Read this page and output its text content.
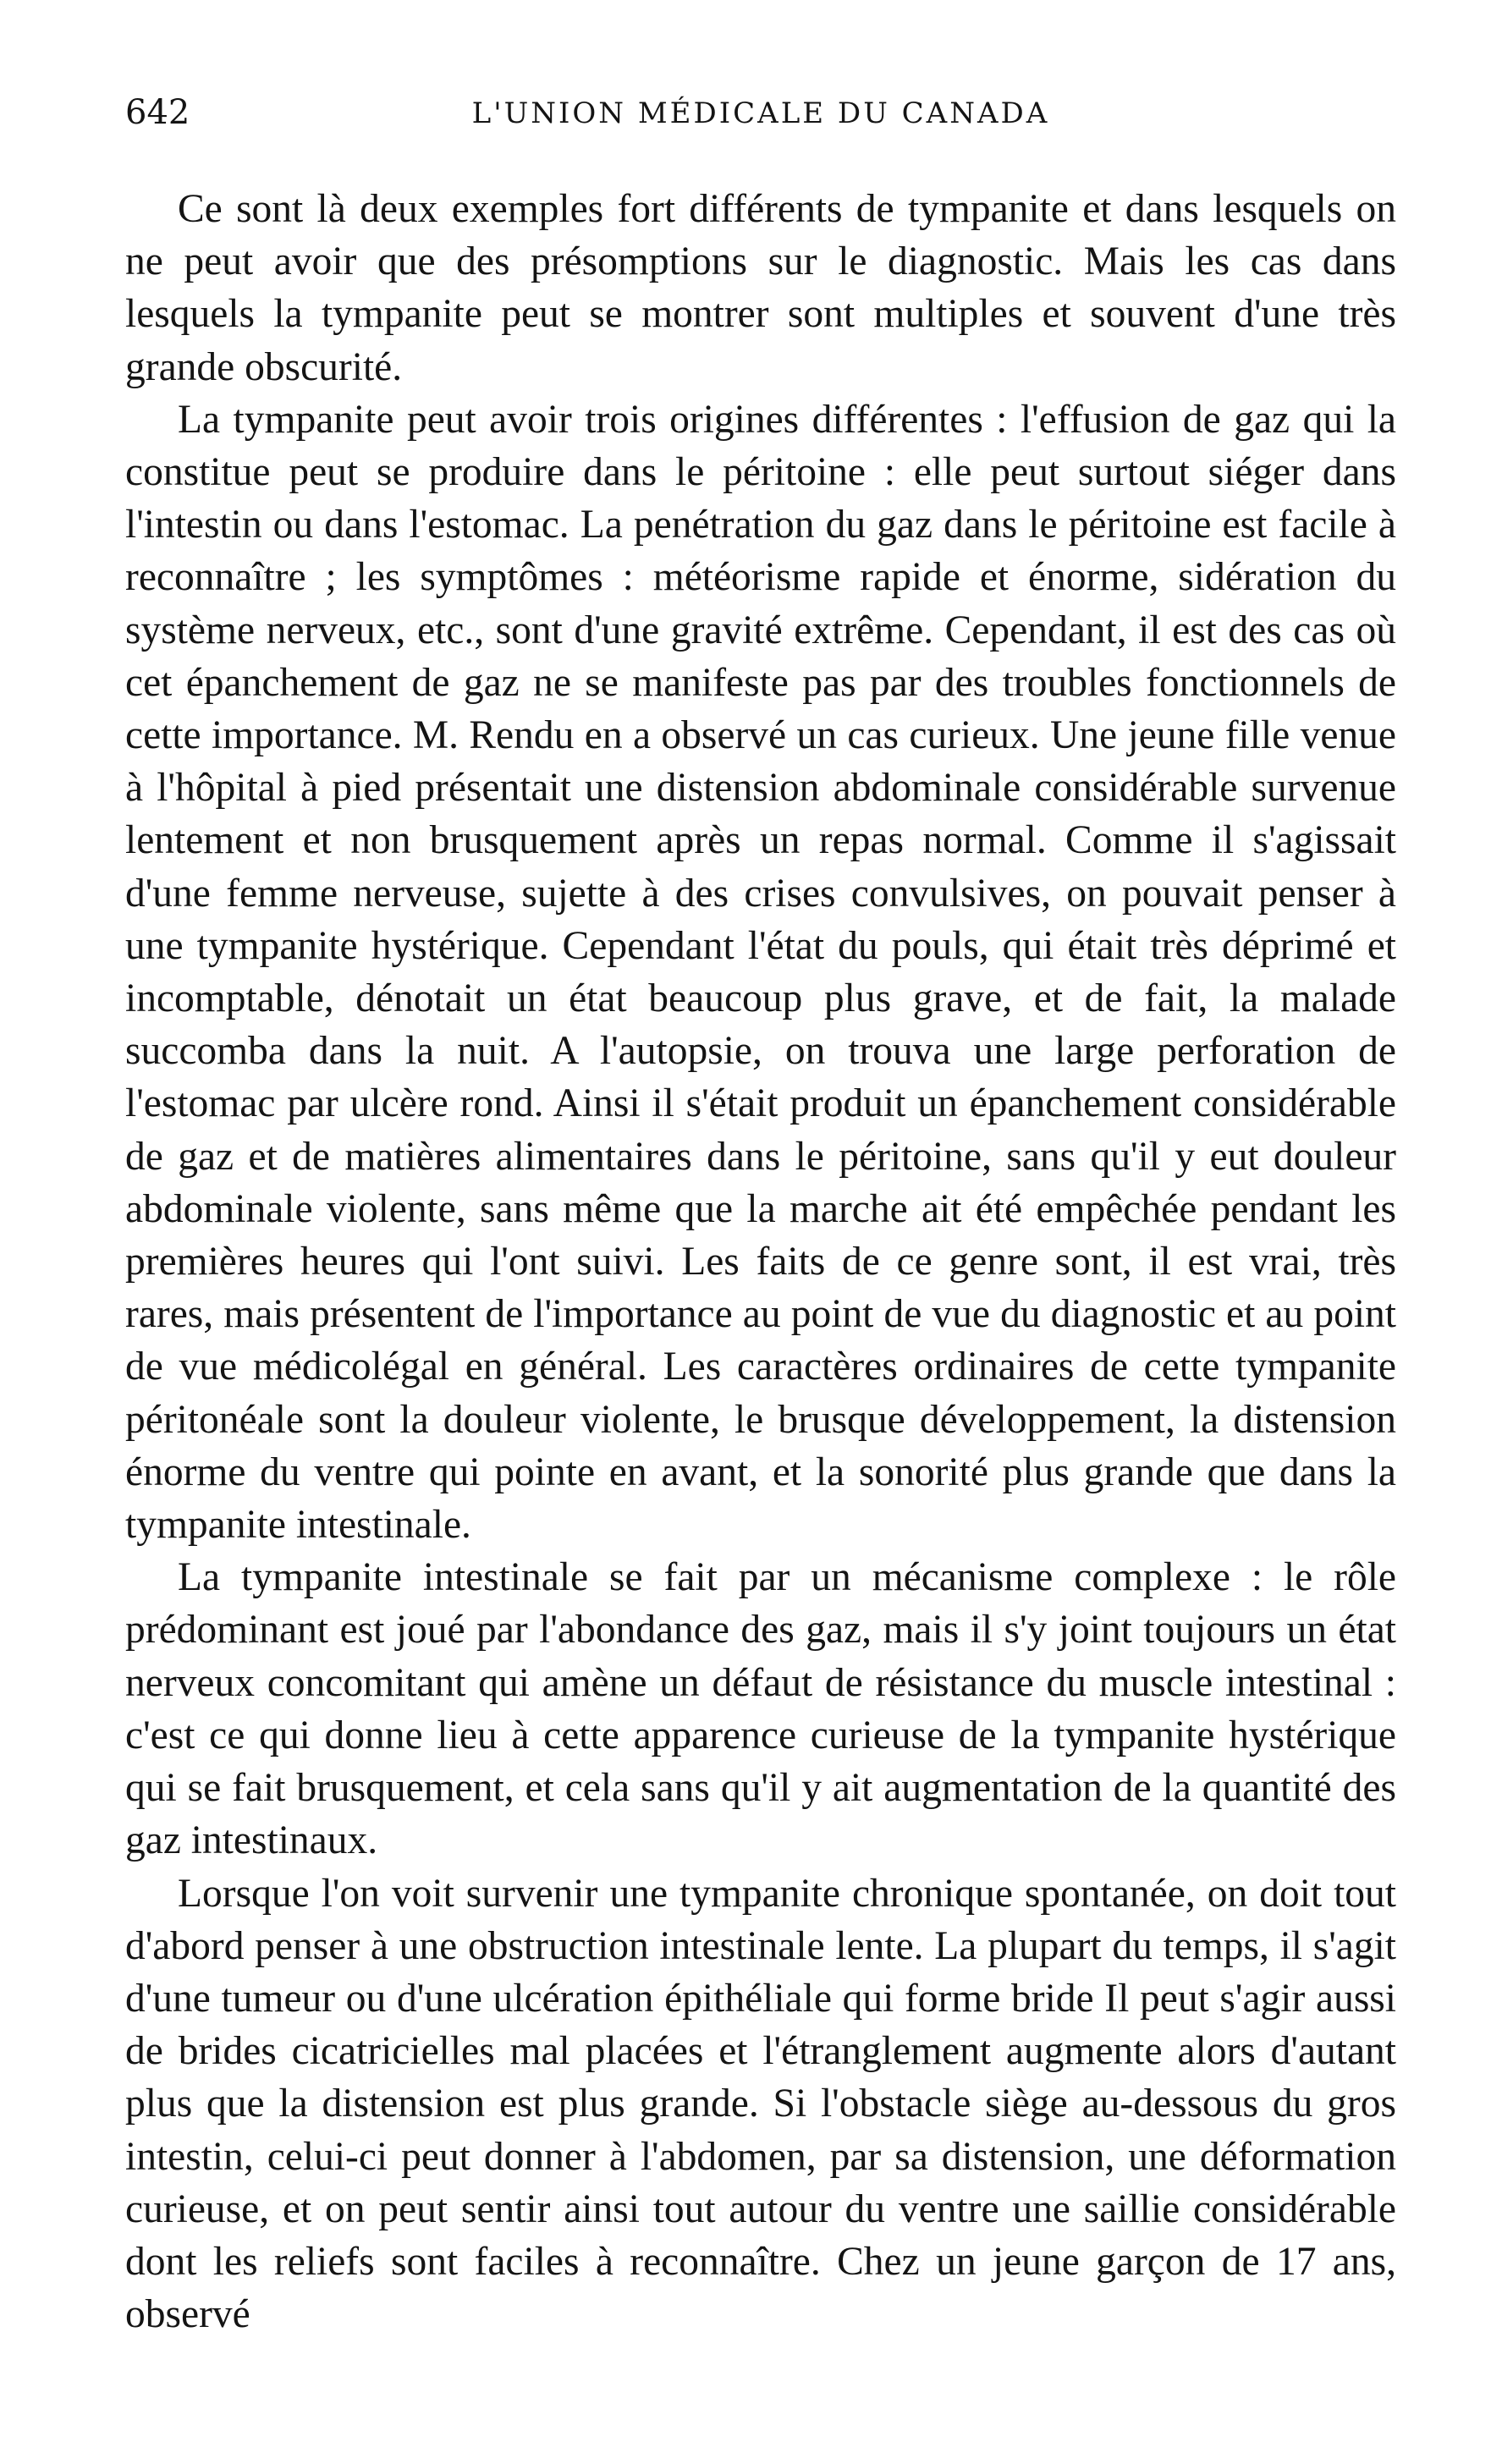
642	L'UNION MÉDICALE DU CANADA

Ce sont là deux exemples fort différents de tympanite et dans lesquels on ne peut avoir que des présomptions sur le diagnostic. Mais les cas dans lesquels la tympanite peut se montrer sont multiples et souvent d'une très grande obscurité.

La tympanite peut avoir trois origines différentes : l'effusion de gaz qui la constitue peut se produire dans le péritoine : elle peut surtout siéger dans l'intestin ou dans l'estomac. La penétration du gaz dans le péritoine est facile à reconnaître ; les symptômes : météorisme rapide et énorme, sidération du système nerveux, etc., sont d'une gravité extrême. Cependant, il est des cas où cet épanchement de gaz ne se manifeste pas par des troubles fonctionnels de cette importance. M. Rendu en a observé un cas curieux. Une jeune fille venue à l'hôpital à pied présentait une distension abdominale considérable survenue lentement et non brusquement après un repas normal. Comme il s'agissait d'une femme nerveuse, sujette à des crises convulsives, on pouvait penser à une tympanite hystérique. Cependant l'état du pouls, qui était très déprimé et incomptable, dénotait un état beaucoup plus grave, et de fait, la malade succomba dans la nuit. A l'autopsie, on trouva une large perforation de l'estomac par ulcère rond. Ainsi il s'était produit un épanchement considérable de gaz et de matières alimentaires dans le péritoine, sans qu'il y eut douleur abdominale violente, sans même que la marche ait été empêchée pendant les premières heures qui l'ont suivi. Les faits de ce genre sont, il est vrai, très rares, mais présentent de l'importance au point de vue du diagnostic et au point de vue médicolégal en général. Les caractères ordinaires de cette tympanite péritonéale sont la douleur violente, le brusque développement, la distension énorme du ventre qui pointe en avant, et la sonorité plus grande que dans la tympanite intestinale.

La tympanite intestinale se fait par un mécanisme complexe : le rôle prédominant est joué par l'abondance des gaz, mais il s'y joint toujours un état nerveux concomitant qui amène un défaut de résistance du muscle intestinal : c'est ce qui donne lieu à cette apparence curieuse de la tympanite hystérique qui se fait brusquement, et cela sans qu'il y ait augmentation de la quantité des gaz intestinaux.

Lorsque l'on voit survenir une tympanite chronique spontanée, on doit tout d'abord penser à une obstruction intestinale lente. La plupart du temps, il s'agit d'une tumeur ou d'une ulcération épithéliale qui forme bride Il peut s'agir aussi de brides cicatricielles mal placées et l'étranglement augmente alors d'autant plus que la distension est plus grande. Si l'obstacle siège au-dessous du gros intestin, celui-ci peut donner à l'abdomen, par sa distension, une déformation curieuse, et on peut sentir ainsi tout autour du ventre une saillie considérable dont les reliefs sont faciles à reconnaître. Chez un jeune garçon de 17 ans, observé
